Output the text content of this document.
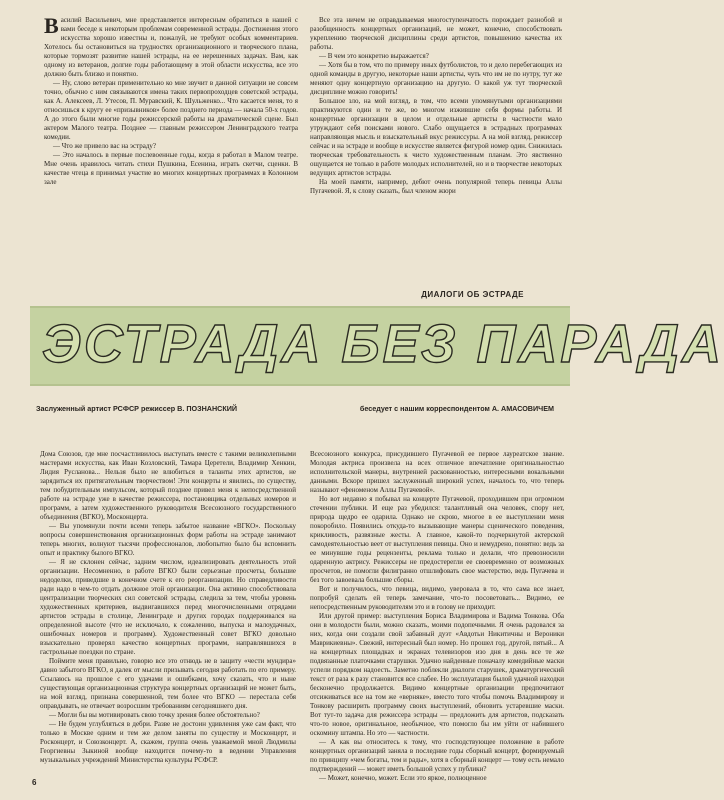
Василий Васильевич, мне представляется интересным обратиться в нашей с вами беседе к некоторым проблемам современной эстрады. Достижения этого искусства хорошо известны и, пожалуй, не требуют особых комментариев. Хотелось бы остановиться на трудностях организационного и творческого плана, которые тормозят развитие нашей эстрады, на ее нерешенных задачах. Вам, как одному из ветеранов, долгие годы работающему в этой области искусства, все это должно быть близко и понятно.

— Ну, слово ветеран применительно ко мне звучит в данной ситуации не совсем точно, обычно с ним связываются имена таких первопроходцев советской эстрады, как А. Алексеев, Л. Утесов, П. Муравский, К. Шульженко... Что касается меня, то я относишься к кругу ее «призывников» более позднего периода — начала 50-х годов. А до этого были многие годы режиссерской работы на драматической сцене. Был актером Малого театра. Позднее — главным режиссером Ленинградского театра комедии.

— Что же привело вас на эстраду?

— Это началось в первые послевоенные годы, когда я работал в Малом театре. Мне очень нравилось читать стихи Пушкина, Есенина, играть скетчи, сценки. В качестве чтеца я принимал участие во многих концертных программах в Колонном зале

Все эта ничем не оправдываемая многоступенчатость порождает разнобой и разобщенность концертных организаций, не может, конечно, способствовать укреплению творческой дисциплины среди артистов, повышению качества их работы.

— В чем это конкретно выражается?

— Хотя бы в том, что по примеру иных футболистов, то и дело перебегающих из одной команды в другую, некоторые наши артисты, чуть что им не по нутру, тут же меняют одну концертную организацию на другую. О какой уж тут творческой дисциплине можно говорить!

Большое зло, на мой взгляд, в том, что всеми упомянутыми организациями практикуются один и те же, во многом изжившие себя формы работы. И концертные организации в целом и отдельные артисты в частности мало утруждают себя поисками нового. Слабо ощущается в эстрадных программах направляющая мысль и взыскательный вкус режиссуры. А на мой взгляд, режиссер сейчас и на эстраде и вообще в искусстве является фигурой номер один. Снижилась творческая требовательность к чисто художественным планам. Это явственно ощущается не только в работе молодых исполнителей, но и в творчестве некоторых ведущих артистов эстрады.

На моей памяти, например, дебют очень популярной теперь певицы Аллы Пугачевой. Я, к слову сказать, был членом жюри

ДИАЛОГИ ОБ ЭСТРАДЕ
ЭСТРАДА БЕЗ ПАРАДА
Заслуженный артист РСФСР режиссер В. ПОЗНАНСКИЙ	беседует с нашим корреспондентом А. АМАСОВИЧЕМ

Дома Союзов, где мне посчастливилось выступать вместе с такими великолепными мастерами искусства, как Иван Козловский, Тамара Церетели, Владимир Хенкин, Лидия Русланова... Нельзя было не влюбиться в таланты этих артистов, не зарядиться их притягательным творчеством! Эти концерты и явились, по существу, тем побудительным импульсом, который позднее привел меня к непосредственной работе на эстраде уже в качестве режиссера, постановщика отдельных номеров и программ, а затем художественного руководителя Всесоюзного государственного объединения (ВГКО), Москонцерта.

— Вы упомянули почти всеми теперь забытое название «ВГКО». Поскольку вопросы совершенствования организационных форм работы на эстраде занимают теперь многих, волнуют тысячи профессионалов, любопытно было бы вспомнить опыт и практику былого ВГКО.

— Я не склонен сейчас, задним числом, идеализировать деятельность этой организации. Несомненно, в работе ВГКО были серьезные просчеты, большие недоделки, приведшие в конечном счете к его реорганизации. Но справедливости ради надо в чем-то отдать должное этой организации. Она активно способствовала централизации творческих сил советской эстрады, следила за тем, чтобы уровень художественных критериев, выдвигавшихся перед многочисленными отрядами артистов эстрады в столице, Ленинграде и других городах поддерживался на определенной высоте (что не исключало, к сожалению, выпуска и малоудачных, ошибочных номеров и программ). Художественный совет ВГКО довольно взыскательно проверял качество концертных программ, направлявшихся в гастрольные поездки по стране.

Поймите меня правильно, говорю все это отнюдь не в защиту «чести мундира» давно забытого ВГКО, я далек от мысли призывать сегодня работать по его примеру. Ссылаюсь на прошлое с его удачами и ошибками, хочу сказать, что и ныне существующая организационная структура концертных организаций не может быть, на мой взгляд, признана совершенной, тем более что ВГКО — перестала себя оправдывать, не отвечает возросшим требованиям сегодняшнего дня.

— Могли бы вы мотивировать свою точку зрения более обстоятельно?

— Не будем углубляться в дебри. Разве не достоин удивления уже сам факт, что только в Москве одним и тем же делом заняты по существу и Москонцерт, и Росконцерт, и Союзконцерт. А, скажем, группа очень уважаемой мной Людмилы Георгиевны Зыкиной вообще находится почему-то в ведении Управления музыкальных учреждений Министерства культуры РСФСР.

Всесоюзного конкурса, присудившего Пугачевой ее первое лауреатское звание. Молодая актриса произвела на всех отличное впечатление оригинальностью исполнительской манеры, внутренней раскованностью, интересными вокальными данными. Вскоре пришел заслуженный широкий успех, началось то, что теперь называют «феноменом Аллы Пугачевой».

Но вот недавно я побывал на концерте Пугачевой, проходившем при огромном стечении публики. И еще раз убедился: талантливый она человек, спору нет, природа щедро ее одарила. Однако не скрою, многое в ее выступлении меня покоробило. Появились откуда-то вызывающие манеры сценического поведения, крикливость, развязные жесты. А главное, какой-то подчеркнутой актерской самодеятельностью веет от выступления певицы. Оно и немудрено, понятно: ведь за ее минувшие годы рецензенты, реклама только и делали, что превозносили одаренную актрису. Режиссеры не предостерегли ее своевременно от возможных просчетов, не помогли филигранно отшлифовать свое мастерство, ведь Пугачева и без того завоевала большие сборы.

Вот и получилось, что певица, видимо, уверовала в то, что сама все знает, попробуй сделать ей теперь замечание, что-то посоветовать... Видимо, ее непосредственным руководителям это и в голову не приходит.

Или другой пример: выступления Бориса Владимирова и Вадима Тонкова. Оба они в молодости были, можно сказать, моими подопечными. Я очень радовался за них, когда они создали свой забавный дуэт «Авдотьи Никитичны и Вероники Маврикиевны». Свежий, интересный был номер. Но прошел год, другой, пятый... А на концертных площадках и экранах телевизоров изо дня в день все те же подвязанные платочками старушки. Удачно найденные поначалу комедийные маски успели порядком надоесть. Заметно поблекли диалоги старушек, драматургический текст от раза к разу становится все слабее. Но эксплуатация былой удачной находки бесконечно продолжается. Видимо концертные организации предпочитают отсиживаться все на том же «верняке», вместо того чтобы помочь Владимирову и Тонкову расширить программу своих выступлений, обновить устаревшие маски. Вот тут-то задача для режиссера эстрады — предложить для артистов, подсказать что-то новое, оригинальное, необычное, что помогло бы им уйти от набившего оскомину штампа. Но это — частности.

— А как вы относитесь к тому, что господствующее положение в работе концертных организаций заняла в последние годы сборный концерт, формируемый по принципу «чем богаты, тем и рады», хотя в сборный концерт — тому есть немало подтверждений — может иметь большой успех у публики?

— Может, конечно, может. Если это яркое, полноценное

6
